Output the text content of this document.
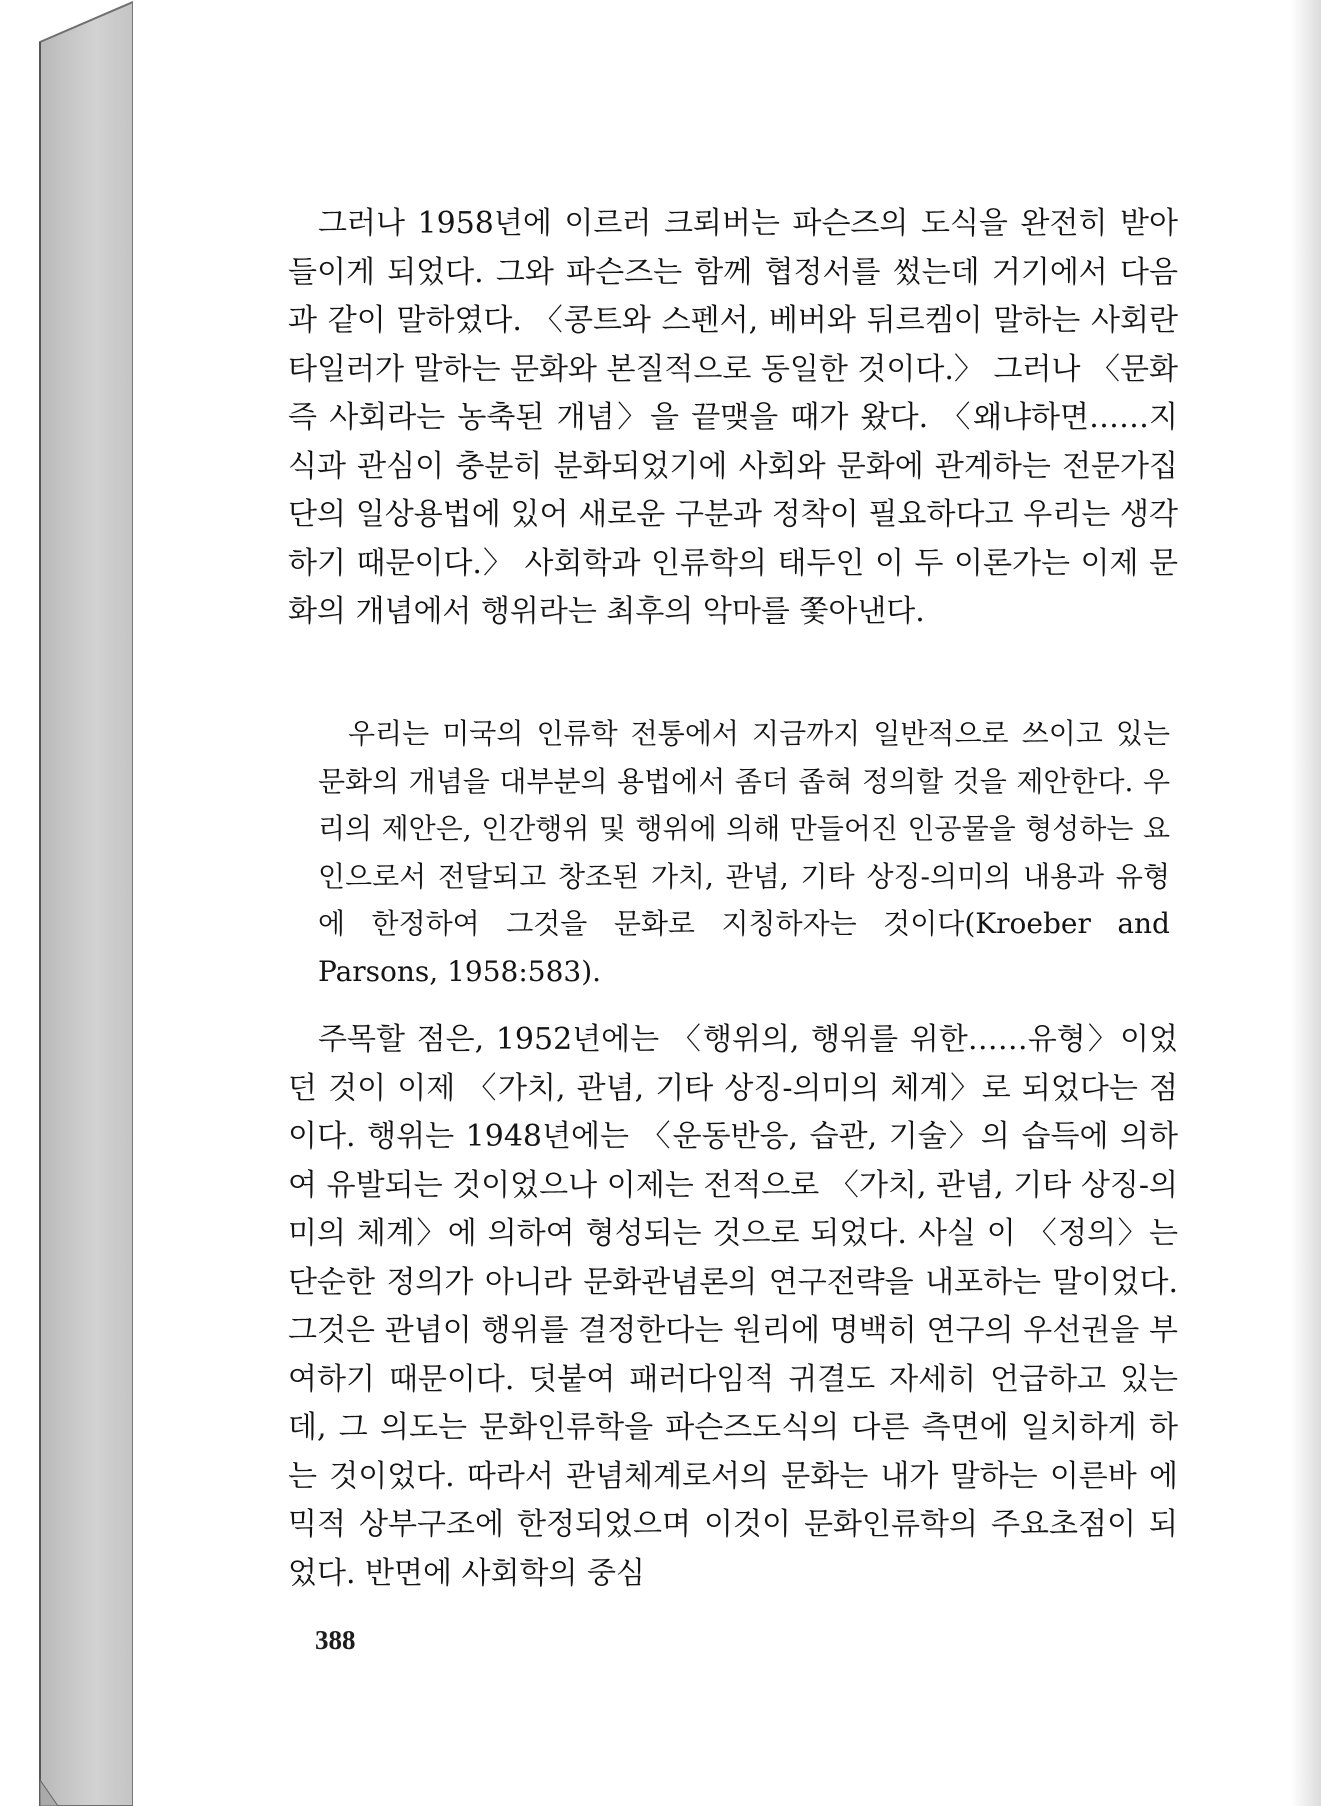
그러나 1958년에 이르러 크뢰버는 파슨즈의 도식을 완전히 받아들이게 되었다. 그와 파슨즈는 함께 협정서를 썼는데 거기에서 다음과 같이 말하였다. 〈콩트와 스펜서, 베버와 뒤르켐이 말하는 사회란 타일러가 말하는 문화와 본질적으로 동일한 것이다.〉 그러나 〈문화 즉 사회라는 농축된 개념〉을 끝맺을 때가 왔다. 〈왜냐하면……지식과 관심이 충분히 분화되었기에 사회와 문화에 관계하는 전문가집단의 일상용법에 있어 새로운 구분과 정착이 필요하다고 우리는 생각하기 때문이다.〉 사회학과 인류학의 태두인 이 두 이론가는 이제 문화의 개념에서 행위라는 최후의 악마를 쫓아낸다.

우리는 미국의 인류학 전통에서 지금까지 일반적으로 쓰이고 있는 문화의 개념을 대부분의 용법에서 좀더 좁혀 정의할 것을 제안한다. 우리의 제안은, 인간행위 및 행위에 의해 만들어진 인공물을 형성하는 요인으로서 전달되고 창조된 가치, 관념, 기타 상징-의미의 내용과 유형에 한정하여 그것을 문화로 지칭하자는 것이다(Kroeber and Parsons, 1958:583).

주목할 점은, 1952년에는 〈행위의, 행위를 위한……유형〉이었던 것이 이제 〈가치, 관념, 기타 상징-의미의 체계〉로 되었다는 점이다. 행위는 1948년에는 〈운동반응, 습관, 기술〉의 습득에 의하여 유발되는 것이었으나 이제는 전적으로 〈가치, 관념, 기타 상징-의미의 체계〉에 의하여 형성되는 것으로 되었다. 사실 이 〈정의〉는 단순한 정의가 아니라 문화관념론의 연구전략을 내포하는 말이었다. 그것은 관념이 행위를 결정한다는 원리에 명백히 연구의 우선권을 부여하기 때문이다. 덧붙여 패러다임적 귀결도 자세히 언급하고 있는데, 그 의도는 문화인류학을 파슨즈도식의 다른 측면에 일치하게 하는 것이었다. 따라서 관념체계로서의 문화는 내가 말하는 이른바 에믹적 상부구조에 한정되었으며 이것이 문화인류학의 주요초점이 되었다. 반면에 사회학의 중심

388
